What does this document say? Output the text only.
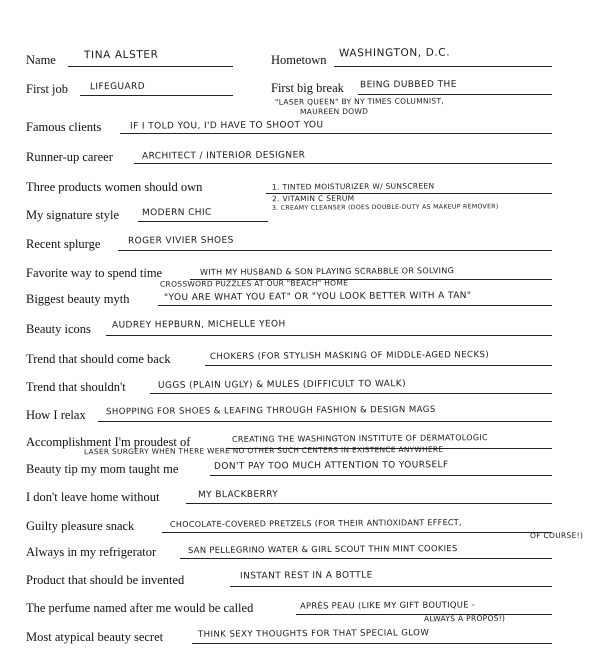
Name	TINA ALSTER	Hometown WASHINGTON, D.C.
First job LIFEGUARD	First big break BEING DUBBED THE
"LASER QUEEN" BY NY TIMES COLUMNIST,
MAUREEN DOWD
Famous clients	IF I TOLD YOU, I'D HAVE TO SHOOT YOU
Runner-up career	ARCHITECT / INTERIOR DESIGNER
Three products women should own	1. TINTED MOISTURIZER W/ SUNSCREEN
2. VITAMIN C SERUM
3. CREAMY CLEANSER (DOES DOUBLE-DUTY AS MAKEUP REMOVER)
My signature style	MODERN CHIC
Recent splurge	ROGER VIVIER SHOES
Favorite way to spend time	WITH MY HUSBAND & SON PLAYING SCRABBLE OR SOLVING
CROSSWORD PUZZLES AT OUR "BEACH" HOME
Biggest beauty myth	"YOU ARE WHAT YOU EAT" OR "YOU LOOK BETTER WITH A TAN"
Beauty icons AUDREY HEPBURN, MICHELLE YEOH
Trend that should come back	CHOKERS (FOR STYLISH MASKING OF MIDDLE-AGED NECKS)
Trend that shouldn't	UGGS (PLAIN UGLY) & MULES (DIFFICULT TO WALK)
How I relax SHOPPING FOR SHOES & LEAFING THROUGH FASHION & DESIGN MAGS
Accomplishment I'm proudest of	CREATING THE WASHINGTON INSTITUTE OF DERMATOLOGIC
LASER SURGERY WHEN THERE WERE NO OTHER SUCH CENTERS IN EXISTENCE ANYWHERE
Beauty tip my mom taught me	DON'T PAY TOO MUCH ATTENTION TO YOURSELF
I don't leave home without	MY BLACKBERRY
Guilty pleasure snack	CHOCOLATE-COVERED PRETZELS (FOR THEIR ANTIOXIDANT EFFECT,
OF COURSE!)
Always in my refrigerator	SAN PELLEGRINO WATER & GIRL SCOUT THIN MINT COOKIES
Product that should be invented	INSTANT REST IN A BOTTLE
The perfume named after me would be called	APRÈS PEAU (LIKE MY GIFT BOUTIQUE -
ALWAYS À PROPOS!)
Most atypical beauty secret	THINK SEXY THOUGHTS FOR THAT SPECIAL GLOW
